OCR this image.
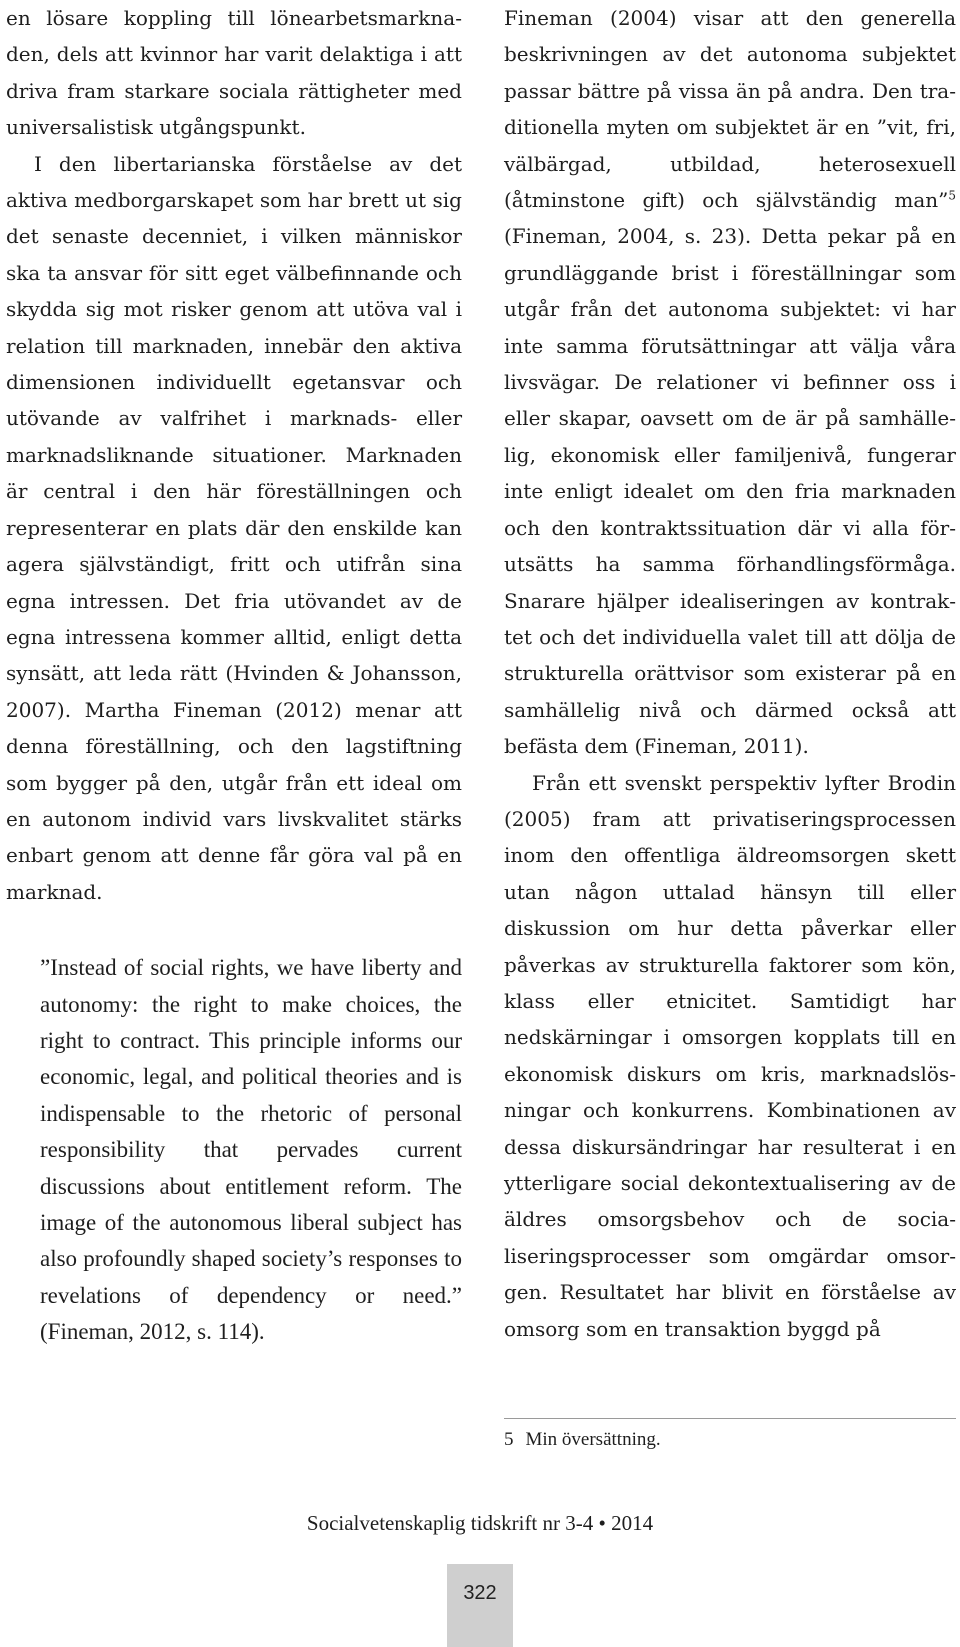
en lösare koppling till lönearbetsmarknaden, dels att kvinnor har varit delaktiga i att driva fram starkare sociala rättigheter med universalistisk utgångspunkt.

I den libertarianska förståelse av det aktiva medborgarskapet som har brett ut sig det senaste decenniet, i vilken människor ska ta ansvar för sitt eget välbefinnande och skydda sig mot risker genom att utöva val i relation till marknaden, innebär den aktiva dimensionen individuellt egetansvar och utövande av valfrihet i marknads- eller marknadsliknande situationer. Marknaden är central i den här föreställningen och representerar en plats där den enskilde kan agera självständigt, fritt och utifrån sina egna intressen. Det fria utövandet av de egna intressena kommer alltid, enligt detta synsätt, att leda rätt (Hvinden & Johansson, 2007). Martha Fineman (2012) menar att denna föreställning, och den lagstiftning som bygger på den, utgår från ett ideal om en autonom individ vars livskvalitet stärks enbart genom att denne får göra val på en marknad.

”Instead of social rights, we have liberty and autonomy: the right to make choices, the right to contract. This principle informs our economic, legal, and political theories and is indispensable to the rhetoric of personal responsibility that pervades current discussions about entitlement reform. The image of the autonomous liberal subject has also profoundly shaped society’s responses to revelations of dependency or need.” (Fineman, 2012, s. 114).

Fineman (2004) visar att den generella beskrivningen av det autonoma subjektet passar bättre på vissa än på andra. Den traditionella myten om subjektet är en ”vit, fri, välbärgad, utbildad, heterosexuell (åtminstone gift) och självständig man”$^5$ (Fineman, 2004, s. 23). Detta pekar på en grundläggande brist i föreställningar som utgår från det autonoma subjektet: vi har inte samma förutsättningar att välja våra livsvägar. De relationer vi befinner oss i eller skapar, oavsett om de är på samhällelig, ekonomisk eller familjenivå, fungerar inte enligt idealet om den fria marknaden och den kontraktssituation där vi alla förutsätts ha samma förhandlingsförmåga. Snarare hjälper idealiseringen av kontraktet och det individuella valet till att dölja de strukturella orättvisor som existerar på en samhällelig nivå och därmed också att befästa dem (Fineman, 2011).

Från ett svenskt perspektiv lyfter Brodin (2005) fram att privatiseringsprocessen inom den offentliga äldreomsorgen skett utan någon uttalad hänsyn till eller diskussion om hur detta påverkar eller påverkas av strukturella faktorer som kön, klass eller etnicitet. Samtidigt har nedskärningar i omsorgen kopplats till en ekonomisk diskurs om kris, marknadslösningar och konkurrens. Kombinationen av dessa diskursändringar har resulterat i en ytterligare social dekontextualisering av de äldres omsorgsbehov och de socialiseringsprocesser som omgärdar omsorgen. Resultatet har blivit en förståelse av omsorg som en transaktion byggd på

5 Min översättning.
Socialvetenskaplig tidskrift nr 3-4 • 2014
322
